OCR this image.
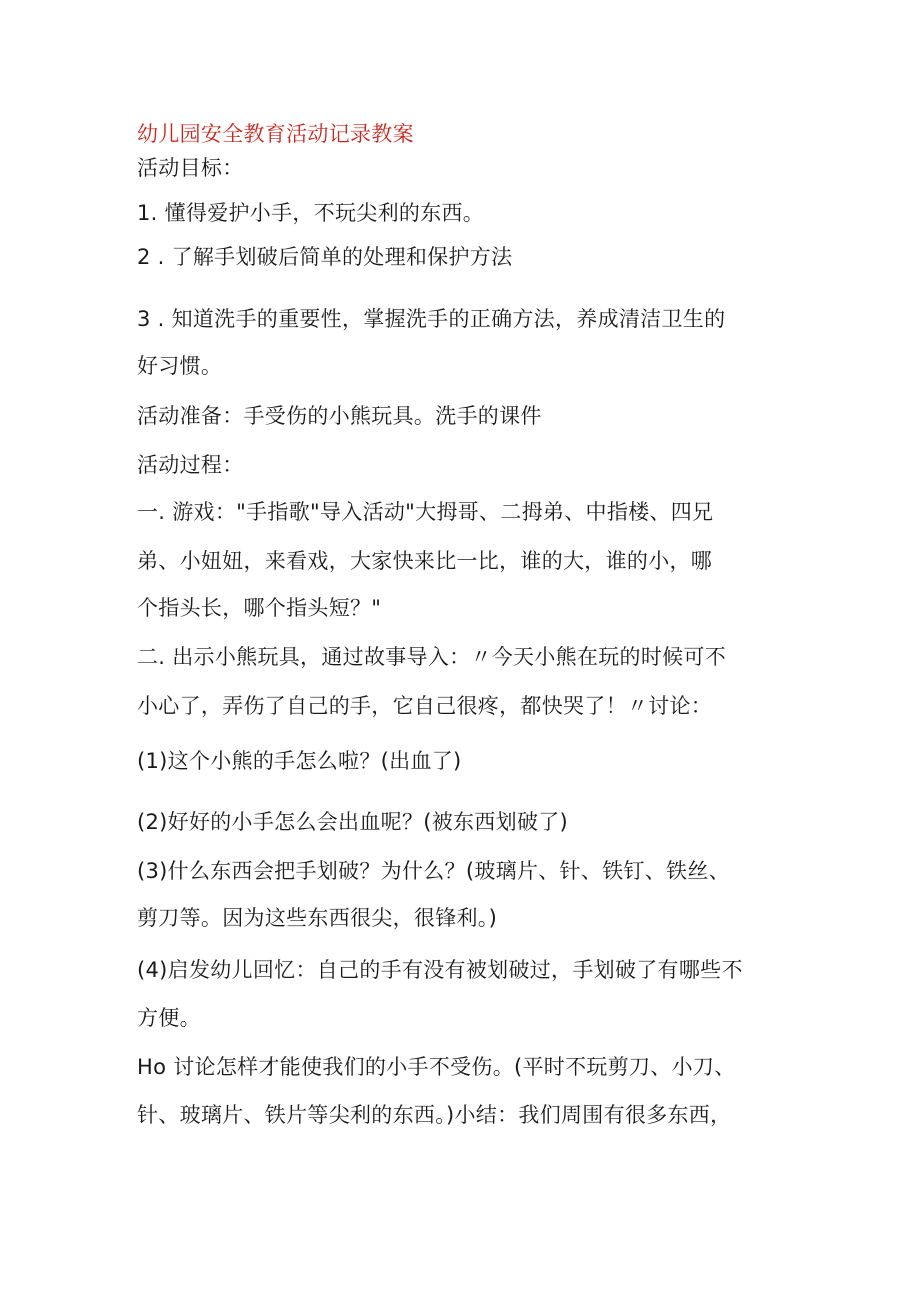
幼儿园安全教育活动记录教案
活动目标：
1. 懂得爱护小手，不玩尖利的东西。
2 . 了解手划破后简单的处理和保护方法
3 . 知道洗手的重要性，掌握洗手的正确方法，养成清洁卫生的
好习惯。
活动准备：手受伤的小熊玩具。洗手的课件
活动过程：
一. 游戏："手指歌"导入活动"大拇哥、二拇弟、中指楼、四兄
弟、小妞妞，来看戏，大家快来比一比，谁的大，谁的小，哪
个指头长，哪个指头短？"
二. 出示小熊玩具，通过故事导入：〃今天小熊在玩的时候可不
小心了，弄伤了自己的手，它自己很疼，都快哭了！〃讨论：
(1)这个小熊的手怎么啦？(出血了)
(2)好好的小手怎么会出血呢？(被东西划破了)
(3)什么东西会把手划破？为什么？(玻璃片、针、铁钉、铁丝、
剪刀等。因为这些东西很尖，很锋利。)
(4)启发幼儿回忆：自己的手有没有被划破过，手划破了有哪些不
方便。
Ho 讨论怎样才能使我们的小手不受伤。(平时不玩剪刀、小刀、
针、玻璃片、铁片等尖利的东西。)小结：我们周围有很多东西，
